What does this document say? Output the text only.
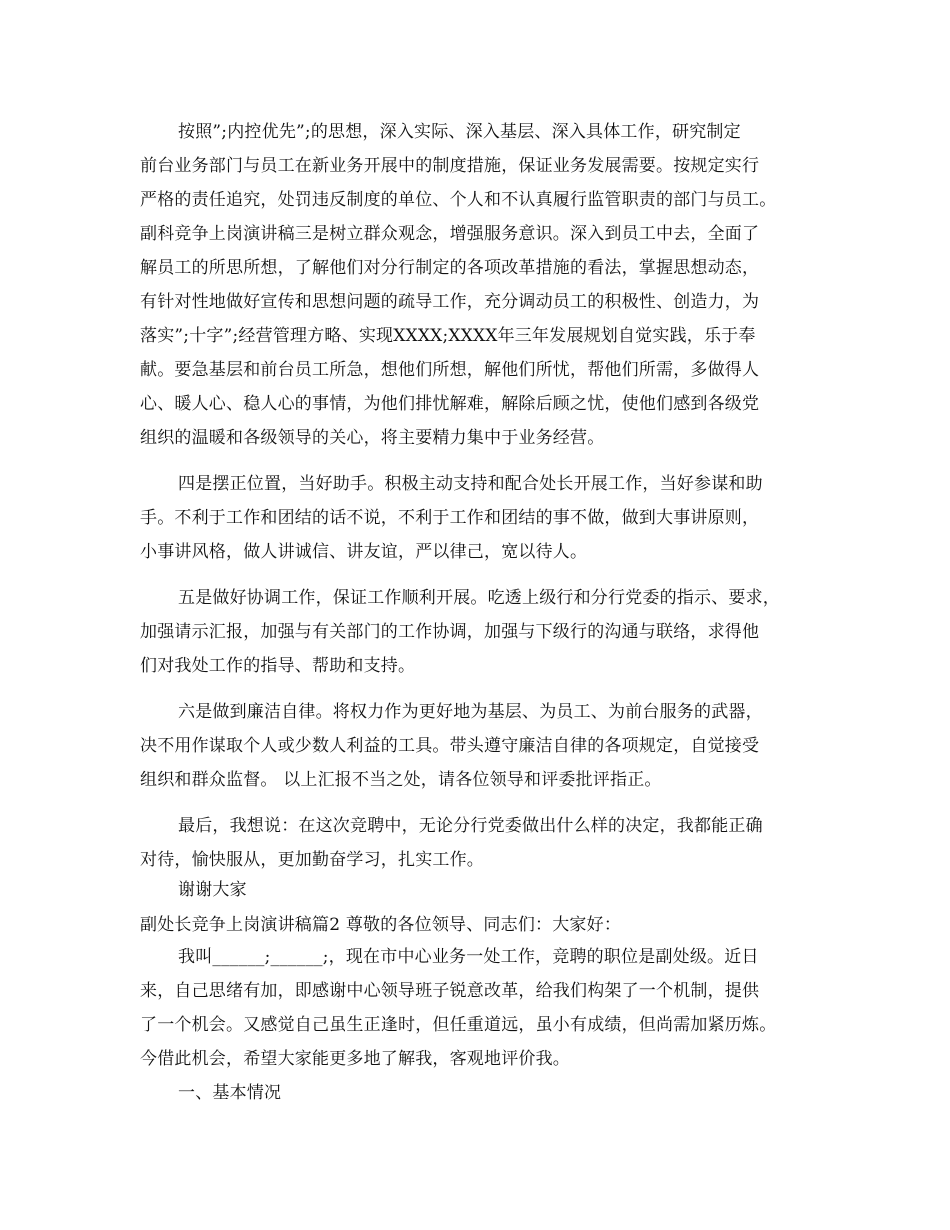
按照”;内控优先”;的思想，深入实际、深入基层、深入具体工作，研究制定
前台业务部门与员工在新业务开展中的制度措施，保证业务发展需要。按规定实行
严格的责任追究，处罚违反制度的单位、个人和不认真履行监管职责的部门与员工。
副科竞争上岗演讲稿三是树立群众观念，增强服务意识。深入到员工中去，全面了
解员工的所思所想，了解他们对分行制定的各项改革措施的看法，掌握思想动态，
有针对性地做好宣传和思想问题的疏导工作，充分调动员工的积极性、创造力，为
落实”;十字”;经营管理方略、实现XXXX;XXXX年三年发展规划自觉实践，乐于奉
献。要急基层和前台员工所急，想他们所想，解他们所忧，帮他们所需，多做得人
心、暖人心、稳人心的事情，为他们排忧解难，解除后顾之忧，使他们感到各级党
组织的温暖和各级领导的关心，将主要精力集中于业务经营。
四是摆正位置，当好助手。积极主动支持和配合处长开展工作，当好参谋和助
手。不利于工作和团结的话不说，不利于工作和团结的事不做，做到大事讲原则，
小事讲风格，做人讲诚信、讲友谊，严以律己，宽以待人。
五是做好协调工作，保证工作顺利开展。吃透上级行和分行党委的指示、要求，
加强请示汇报，加强与有关部门的工作协调，加强与下级行的沟通与联络，求得他
们对我处工作的指导、帮助和支持。
六是做到廉洁自律。将权力作为更好地为基层、为员工、为前台服务的武器，
决不用作谋取个人或少数人利益的工具。带头遵守廉洁自律的各项规定，自觉接受
组织和群众监督。 以上汇报不当之处，请各位领导和评委批评指正。
最后，我想说：在这次竞聘中，无论分行党委做出什么样的决定，我都能正确
对待，愉快服从，更加勤奋学习，扎实工作。
谢谢大家
副处长竞争上岗演讲稿篇2 尊敬的各位领导、同志们：大家好：
我叫______;______;，现在市中心业务一处工作，竞聘的职位是副处级。近日
来，自己思绪有加，即感谢中心领导班子锐意改革，给我们构架了一个机制，提供
了一个机会。又感觉自己虽生正逢时，但任重道远，虽小有成绩，但尚需加紧历炼。
今借此机会，希望大家能更多地了解我，客观地评价我。
一、基本情况
